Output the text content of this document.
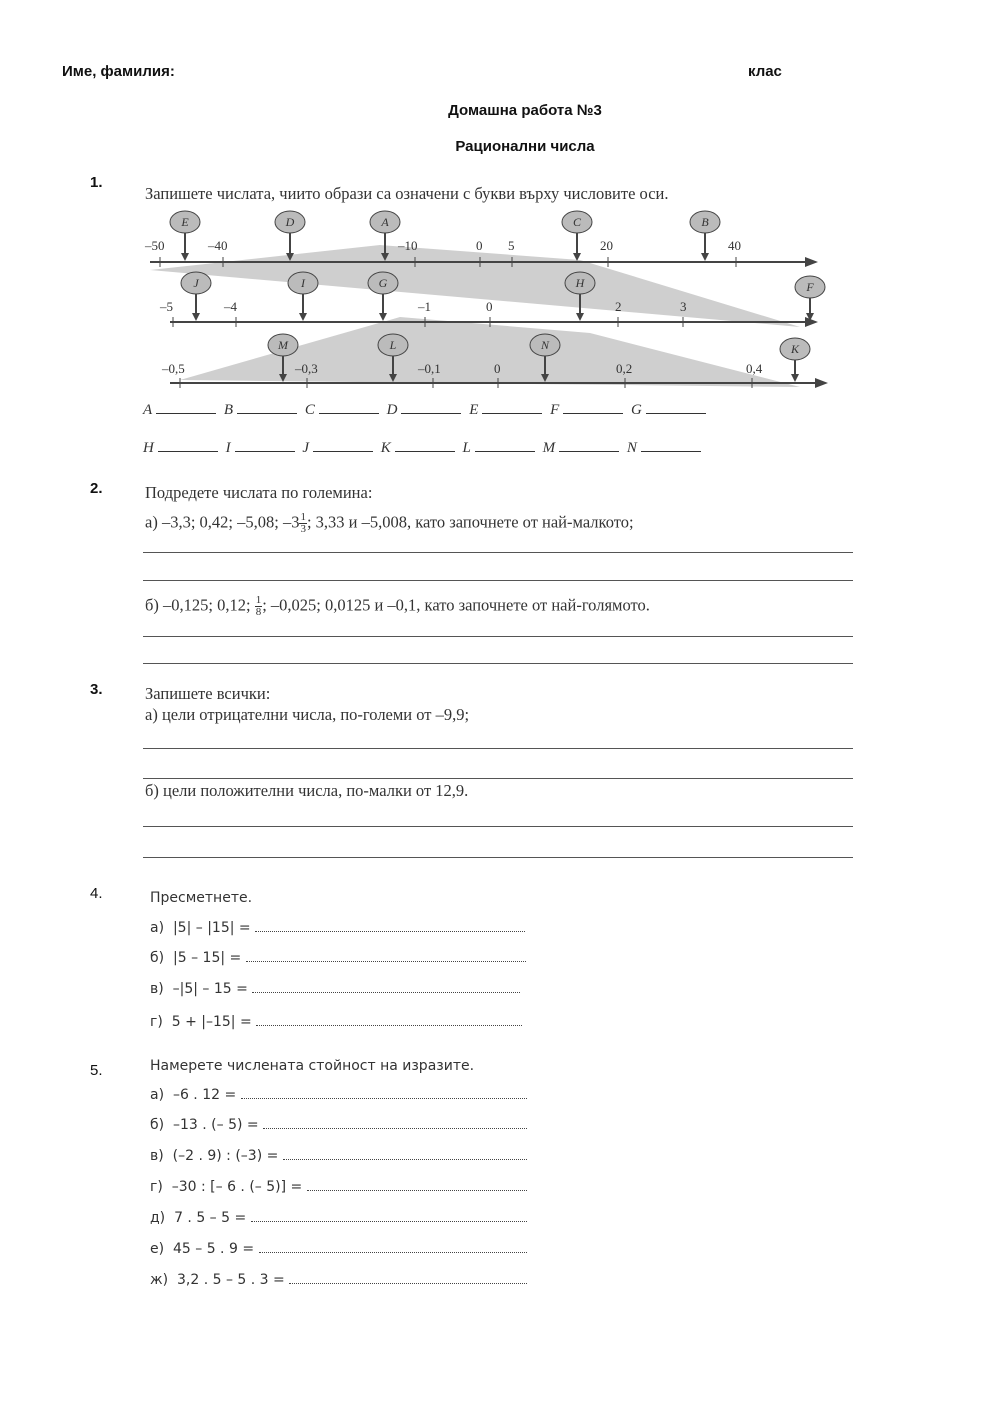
Име, фамилия:	клас
Домашна работа №3
Рационални числа
1.
Запишете числата, чиито образи са означени с букви върху числовите оси.
–50	–40	–10	0 5	20	40
E	D	A	C	B
–5	–4	–1	0	2	3
J	I	G	H	F
–0,5	–0,3	–0,1	0	0,2	0,4
M	L	N	K
A	B	C	D	E	F	G
H	I	J	K	L	M	N
2.	Подредете числата по големина:
а) –3,3; 0,42; –5,08; $-3 \frac{1}{3}$ ; 3,33 и –5,008, като започнете от най-малкото;
б) –0,125; 0,12; $\frac{1}{8}$ ; –0,025; 0,0125 и –0,1, като започнете от най-голямото.
3.	Запишете всички:
а) цели отрицателни числа, по-големи от –9,9;
б) цели положителни числа, по-малки от 12,9.
4.	Пресметнете.
а) |5| – |15| =
б) |5 – 15| =
в) –|5| – 15 =
г) 5 + |–15| =
5.	Намерете числената стойност на изразите.
а) –6 . 12 =
б) –13 . (– 5) =
в) (–2 . 9) : (–3) =
г) –30 : [– 6 . (– 5)] =
д) 7 . 5 – 5 =
е) 45 – 5 . 9 =
ж) 3,2 . 5 – 5 . 3 =
